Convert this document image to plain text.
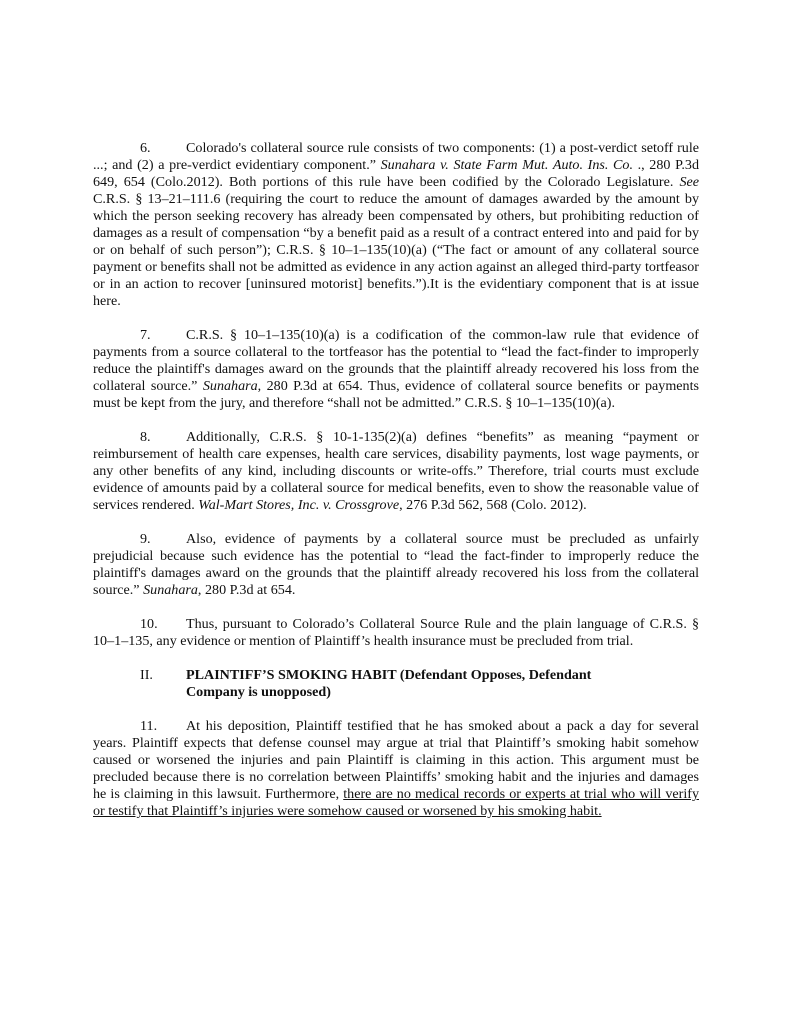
6.	Colorado's collateral source rule consists of two components: (1) a post-verdict setoff rule ...; and (2) a pre-verdict evidentiary component.” Sunahara v. State Farm Mut. Auto. Ins. Co. ., 280 P.3d 649, 654 (Colo.2012). Both portions of this rule have been codified by the Colorado Legislature. See C.R.S. § 13–21–111.6 (requiring the court to reduce the amount of damages awarded by the amount by which the person seeking recovery has already been compensated by others, but prohibiting reduction of damages as a result of compensation “by a benefit paid as a result of a contract entered into and paid for by or on behalf of such person”); C.R.S. § 10–1–135(10)(a) (“The fact or amount of any collateral source payment or benefits shall not be admitted as evidence in any action against an alleged third-party tortfeasor or in an action to recover [uninsured motorist] benefits.”).It is the evidentiary component that is at issue here.

7.	C.R.S. § 10–1–135(10)(a) is a codification of the common-law rule that evidence of payments from a source collateral to the tortfeasor has the potential to “lead the fact-finder to improperly reduce the plaintiff's damages award on the grounds that the plaintiff already recovered his loss from the collateral source.” Sunahara, 280 P.3d at 654. Thus, evidence of collateral source benefits or payments must be kept from the jury, and therefore “shall not be admitted.” C.R.S. § 10–1–135(10)(a).

8.	Additionally, C.R.S. § 10-1-135(2)(a) defines “benefits” as meaning “payment or reimbursement of health care expenses, health care services, disability payments, lost wage payments, or any other benefits of any kind, including discounts or write-offs.” Therefore, trial courts must exclude evidence of amounts paid by a collateral source for medical benefits, even to show the reasonable value of services rendered. Wal-Mart Stores, Inc. v. Crossgrove, 276 P.3d 562, 568 (Colo. 2012).

9.	Also, evidence of payments by a collateral source must be precluded as unfairly prejudicial because such evidence has the potential to “lead the fact-finder to improperly reduce the plaintiff's damages award on the grounds that the plaintiff already recovered his loss from the collateral source.” Sunahara, 280 P.3d at 654.

10. Thus, pursuant to Colorado’s Collateral Source Rule and the plain language of C.R.S. § 10–1–135, any evidence or mention of Plaintiff’s health insurance must be precluded from trial.

II. PLAINTIFF’S SMOKING HABIT (Defendant Opposes, Defendant Company is unopposed)

11. At his deposition, Plaintiff testified that he has smoked about a pack a day for several years. Plaintiff expects that defense counsel may argue at trial that Plaintiff’s smoking habit somehow caused or worsened the injuries and pain Plaintiff is claiming in this action. This argument must be precluded because there is no correlation between Plaintiffs’ smoking habit and the injuries and damages he is claiming in this lawsuit. Furthermore, there are no medical records or experts at trial who will verify or testify that Plaintiff’s injuries were somehow caused or worsened by his smoking habit.
